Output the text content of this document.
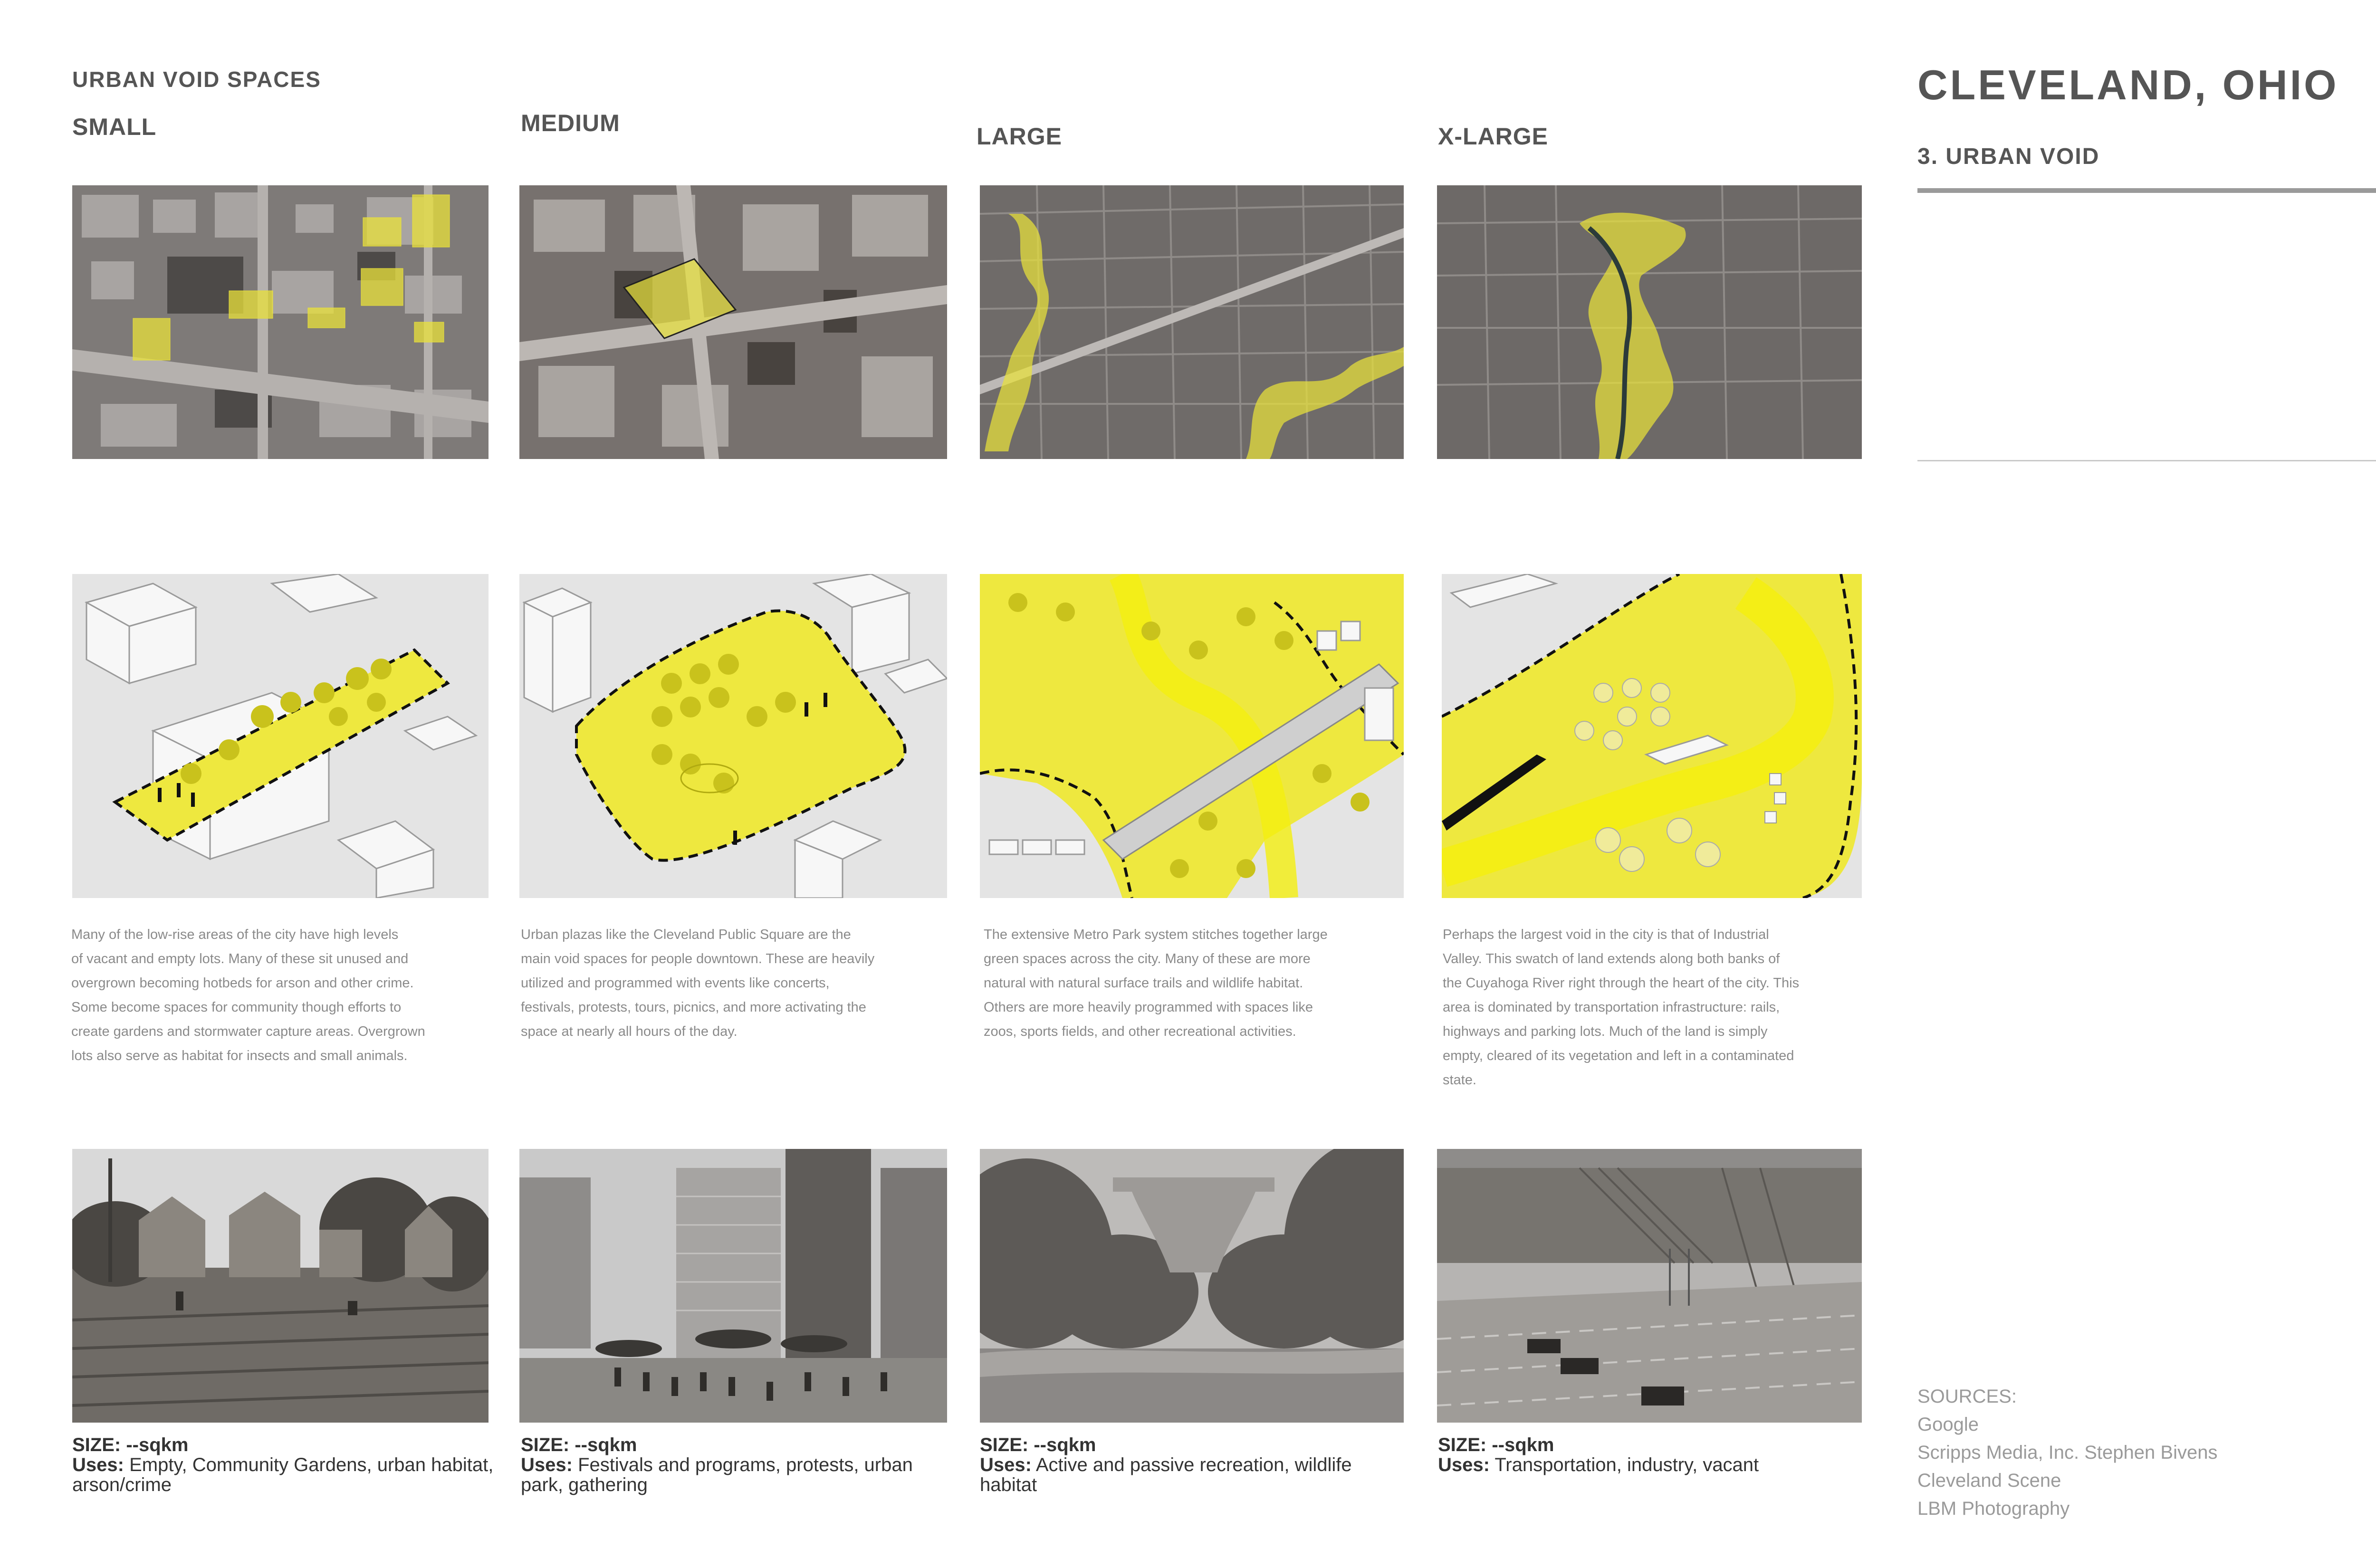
URBAN VOID SPACES
SMALL	MEDIUM	LARGE	X-LARGE
CLEVELAND, OHIO
3. URBAN VOID
Many of the low-rise areas of the city have high levels
of vacant and empty lots. Many of these sit unused and
overgrown becoming hotbeds for arson and other crime.
Some become spaces for community though efforts to
create gardens and stormwater capture areas. Overgrown
lots also serve as habitat for insects and small animals.
Urban plazas like the Cleveland Public Square are the
main void spaces for people downtown. These are heavily
utilized and programmed with events like concerts,
festivals, protests, tours, picnics, and more activating the
space at nearly all hours of the day.
The extensive Metro Park system stitches together large
green spaces across the city. Many of these are more
natural with natural surface trails and wildlife habitat.
Others are more heavily programmed with spaces like
zoos, sports fields, and other recreational activities.
Perhaps the largest void in the city is that of Industrial
Valley. This swatch of land extends along both banks of
the Cuyahoga River right through the heart of the city. This
area is dominated by transportation infrastructure: rails,
highways and parking lots. Much of the land is simply
empty, cleared of its vegetation and left in a contaminated
state.
SIZE: --sqkm
Uses: Empty, Community Gardens, urban habitat, arson/crime
SIZE: --sqkm
Uses: Festivals and programs, protests, urban park, gathering
SIZE: --sqkm
Uses: Active and passive recreation, wildlife habitat
SIZE: --sqkm
Uses: Transportation, industry, vacant
SOURCES:
Google
Scripps Media, Inc. Stephen Bivens
Cleveland Scene
LBM Photography
